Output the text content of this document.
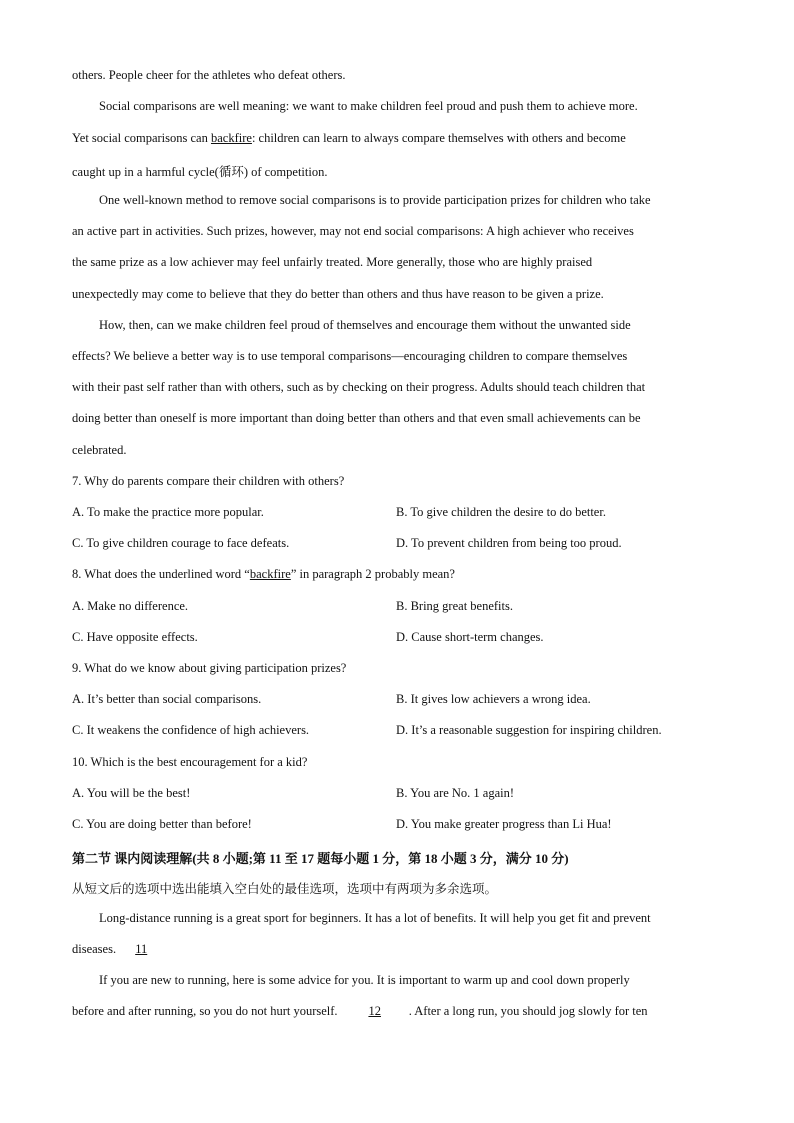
others. People cheer for the athletes who defeat others.
Social comparisons are well meaning: we want to make children feel proud and push them to achieve more.
Yet social comparisons can backfire: children can learn to always compare themselves with others and become
caught up in a harmful cycle(循环) of competition.
One well-known method to remove social comparisons is to provide participation prizes for children who take
an active part in activities. Such prizes, however, may not end social comparisons: A high achiever who receives
the same prize as a low achiever may feel unfairly treated. More generally, those who are highly praised
unexpectedly may come to believe that they do better than others and thus have reason to be given a prize.
How, then, can we make children feel proud of themselves and encourage them without the unwanted side
effects? We believe a better way is to use temporal comparisons—encouraging children to compare themselves
with their past self rather than with others, such as by checking on their progress. Adults should teach children that
doing better than oneself is more important than doing better than others and that even small achievements can be
celebrated.
7. Why do parents compare their children with others?
A. To make the practice more popular.	B. To give children the desire to do better.
C. To give children courage to face defeats.	D. To prevent children from being too proud.
8. What does the underlined word “backfire” in paragraph 2 probably mean?
A. Make no difference.	B. Bring great benefits.
C. Have opposite effects.	D. Cause short-term changes.
9. What do we know about giving participation prizes?
A. It’s better than social comparisons.	B. It gives low achievers a wrong idea.
C. It weakens the confidence of high achievers.	D. It’s a reasonable suggestion for inspiring children.
10. Which is the best encouragement for a kid?
A. You will be the best!	B. You are No. 1 again!
C. You are doing better than before!	D. You make greater progress than Li Hua!
第二节 课内阅读理解(共 8 小题;第 11 至 17 题每小题 1 分，第 18 小题 3 分，满分 10 分)
从短文后的选项中选出能填入空白处的最佳选项，选项中有两项为多余选项。
Long-distance running is a great sport for beginners. It has a lot of benefits. It will help you get fit and prevent
diseases. 11
If you are new to running, here is some advice for you. It is important to warm up and cool down properly
before and after running, so you do not hurt yourself. 12 . After a long run, you should jog slowly for ten
